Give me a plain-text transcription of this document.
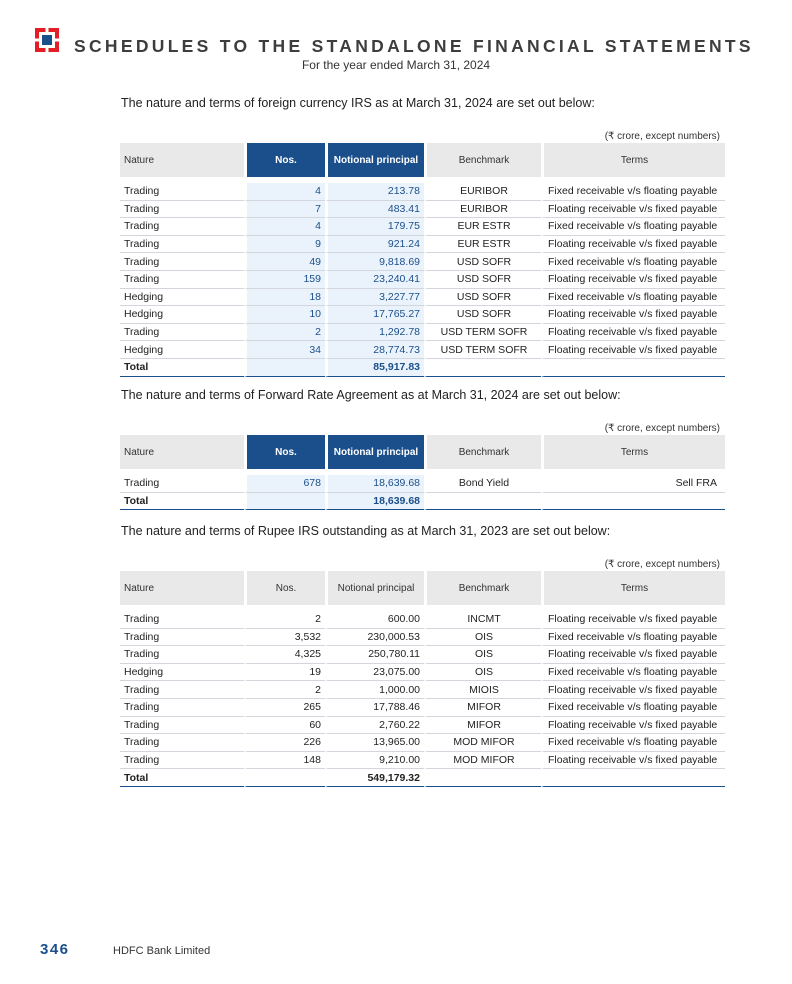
SCHEDULES TO THE STANDALONE FINANCIAL STATEMENTS
For the year ended March 31, 2024
The nature and terms of foreign currency IRS as at March 31, 2024 are set out below:
(₹ crore, except numbers)
Nature	Nos.	Notional principal	Benchmark	Terms

Trading	4	213.78	EURIBOR	Fixed receivable v/s floating payable
Trading	7	483.41	EURIBOR	Floating receivable v/s fixed payable
Trading	4	179.75	EUR ESTR	Fixed receivable v/s floating payable
Trading	9	921.24	EUR ESTR	Floating receivable v/s fixed payable
Trading	49	9,818.69	USD SOFR	Fixed receivable v/s floating payable
Trading	159	23,240.41	USD SOFR	Floating receivable v/s fixed payable
Hedging	18	3,227.77	USD SOFR	Fixed receivable v/s floating payable
Hedging	10	17,765.27	USD SOFR	Floating receivable v/s fixed payable
Trading	2	1,292.78	USD TERM SOFR	Floating receivable v/s fixed payable
Hedging	34	28,774.73	USD TERM SOFR	Floating receivable v/s fixed payable
Total		85,917.83		
The nature and terms of Forward Rate Agreement as at March 31, 2024 are set out below:
(₹ crore, except numbers)
Nature	Nos.	Notional principal	Benchmark	Terms

Trading	678	18,639.68	Bond Yield	Sell FRA
Total		18,639.68		
The nature and terms of Rupee IRS outstanding as at March 31, 2023 are set out below:
(₹ crore, except numbers)
Nature	Nos.	Notional principal	Benchmark	Terms

Trading	2	600.00	INCMT	Floating receivable v/s fixed payable
Trading	3,532	230,000.53	OIS	Fixed receivable v/s floating payable
Trading	4,325	250,780.11	OIS	Floating receivable v/s fixed payable
Hedging	19	23,075.00	OIS	Fixed receivable v/s floating payable
Trading	2	1,000.00	MIOIS	Floating receivable v/s fixed payable
Trading	265	17,788.46	MIFOR	Fixed receivable v/s floating payable
Trading	60	2,760.22	MIFOR	Floating receivable v/s fixed payable
Trading	226	13,965.00	MOD MIFOR	Fixed receivable v/s floating payable
Trading	148	9,210.00	MOD MIFOR	Floating receivable v/s fixed payable
Total		549,179.32		
346	HDFC Bank Limited
